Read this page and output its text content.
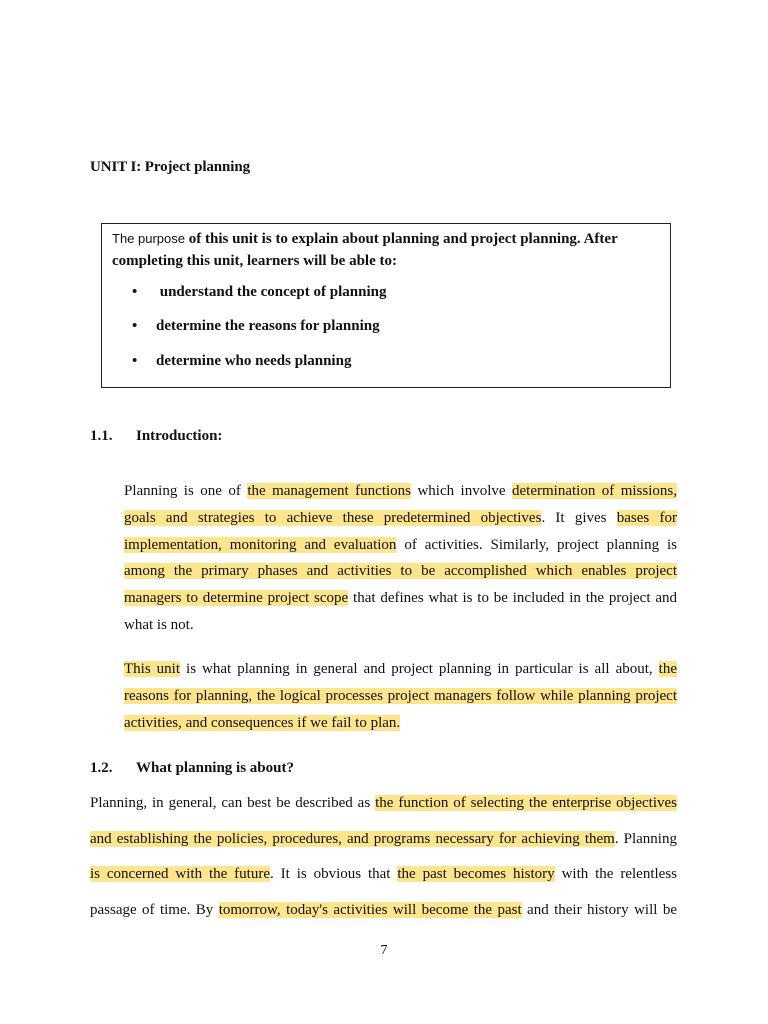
UNIT I: Project planning
The purpose of this unit is to explain about planning and project planning. After completing this unit, learners will be able to:
• understand the concept of planning
• determine the reasons for planning
• determine who needs planning
1.1. Introduction:
Planning is one of the management functions which involve determination of missions,
goals and strategies to achieve these predetermined objectives. It gives bases for
implementation, monitoring and evaluation of activities. Similarly, project planning is
among the primary phases and activities to be accomplished which enables project
managers to determine project scope that defines what is to be included in the project and
what is not.
This unit is what planning in general and project planning in particular is all about, the
reasons for planning, the logical processes project managers follow while planning project
activities, and consequences if we fail to plan.
1.2. What planning is about?
Planning, in general, can best be described as the function of selecting the enterprise objectives
and establishing the policies, procedures, and programs necessary for achieving them. Planning
is concerned with the future. It is obvious that the past becomes history with the relentless
passage of time. By tomorrow, today's activities will become the past and their history will be
7
